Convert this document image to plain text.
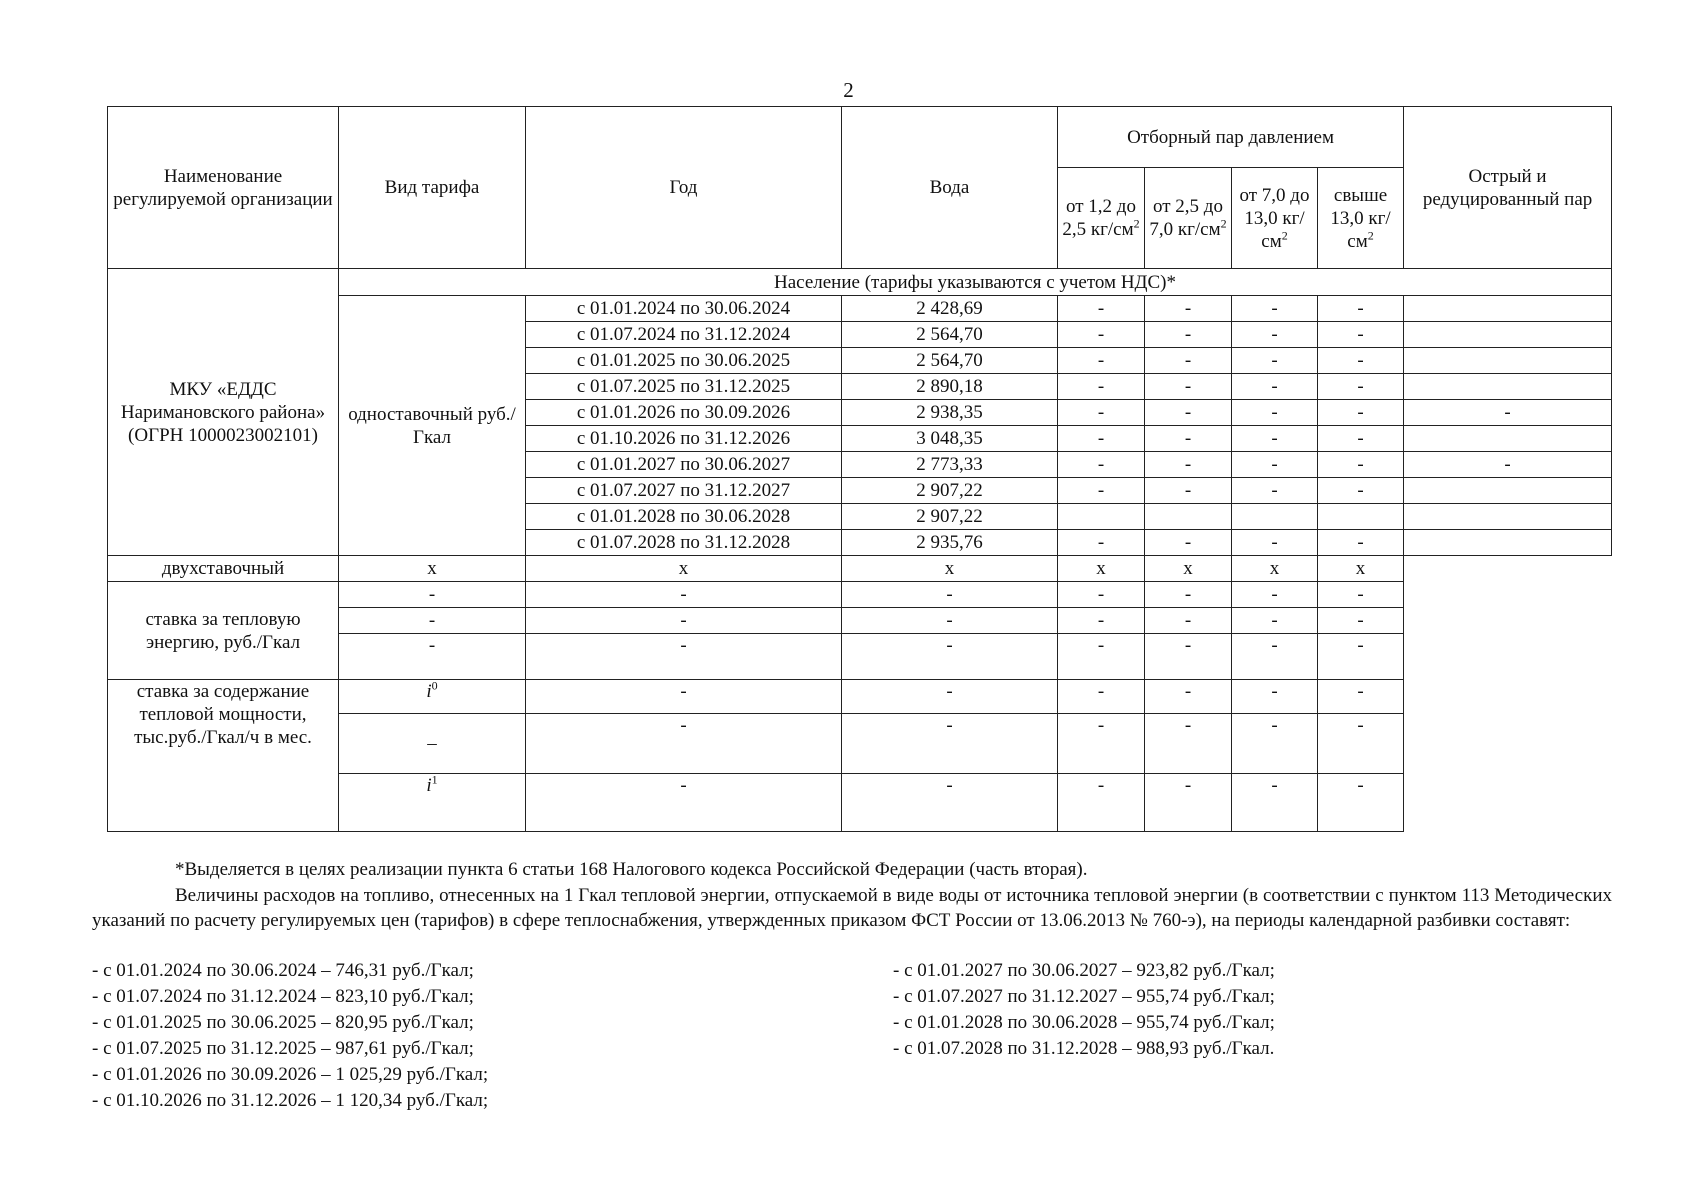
2
Наименование регулируемой организации	Вид тарифа	Год	Вода	Отборный пар давлением				Острый и редуцированный пар
				от 1,2 до 2,5 $кг/см^2$	от 2,5 до 7,0 $кг/см^2$	от 7,0 до 13,0 $кг/см^2$	свыше 13,0 $кг/см^2$
МКУ «ЕДДС Наримановского района» (ОГРН 1000023002101)	Население (тарифы указываются с учетом НДС)*							
	одноставочный руб./Гкал	с 01.01.2024 по 30.06.2024	2 428,69	-	-	-	-	
		с 01.07.2024 по 31.12.2024	2 564,70	-	-	-	-	
		с 01.01.2025 по 30.06.2025	2 564,70	-	-	-	-	
		с 01.07.2025 по 31.12.2025	2 890,18	-	-	-	-	
		с 01.01.2026 по 30.09.2026	2 938,35	-	-	-	-	-
		с 01.10.2026 по 31.12.2026	3 048,35	-	-	-	-	
		с 01.01.2027 по 30.06.2027	2 773,33	-	-	-	-	-
		с 01.07.2027 по 31.12.2027	2 907,22	-	-	-	-	
		с 01.01.2028 по 30.06.2028	2 907,22					
		с 01.07.2028 по 31.12.2028	2 935,76	-	-	-	-	
двухставочный	x	x	x	x	x	x	x	
ставка за тепловую энергию, руб./Гкал	-	-	-	-	-	-	-	
	-	-	-	-	-	-	-	
	-	-	-	-	-	-	-	
ставка за содержание тепловой мощности, тыс.руб./Гкал/ч в мес.	$i^0$	-	-	-	-	-	-	
	–	-	-	-	-	-	-	
	$i^1$	-	-	-	-	-	-	
*Выделяется в целях реализации пункта 6 статьи 168 Налогового кодекса Российской Федерации (часть вторая).
Величины расходов на топливо, отнесенных на 1 Гкал тепловой энергии, отпускаемой в виде воды от источника тепловой энергии (в соответствии с пунктом 113 Методических указаний по расчету регулируемых цен (тарифов) в сфере теплоснабжения, утвержденных приказом ФСТ России от 13.06.2013 № 760-э), на периоды календарной разбивки составят:
- с 01.01.2024 по 30.06.2024 – 746,31 руб./Гкал;
- с 01.07.2024 по 31.12.2024 – 823,10 руб./Гкал;
- с 01.01.2025 по 30.06.2025 – 820,95 руб./Гкал;
- с 01.07.2025 по 31.12.2025 – 987,61 руб./Гкал;
- с 01.01.2026 по 30.09.2026 – 1 025,29 руб./Гкал;
- с 01.10.2026 по 31.12.2026 – 1 120,34 руб./Гкал;
- с 01.01.2027 по 30.06.2027 – 923,82 руб./Гкал;
- с 01.07.2027 по 31.12.2027 – 955,74 руб./Гкал;
- с 01.01.2028 по 30.06.2028 – 955,74 руб./Гкал;
- с 01.07.2028 по 31.12.2028 – 988,93 руб./Гкал.
